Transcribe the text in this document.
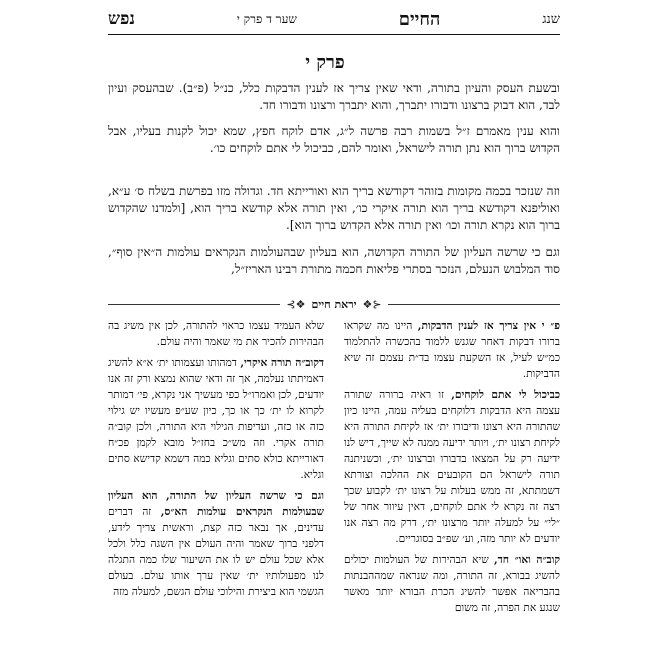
שנג
החיים
שער ד פרק י
נפש
פרק י
ובשעת העסק והעיון בתורה, ודאי שאין צריך אז לענין הדבקות כלל, כנ״ל (פ״ב). שבהעסק ועיון לבד, הוא דבוק ברצונו ודבורו יתברך, והוא יתברך ורצונו ודבורו חד.
והוא ענין מאמרם ז״ל בשמות רבה פרשה ל״ג, אדם לוקח חפץ, שמא יכול לקנות בעליו, אבל הקדוש ברוך הוא נתן תורה לישראל, ואומר להם, כביכול לי אתם לוקחים כו׳.
וזה שנזכר בכמה מקומות בזוהר דקודשא בריך הוא ואורייתא חד. וגדולה מזו בפרשת בשלח ס׳ ע״א, ואוליפנא דקודשא בריך הוא תורה איקרי כו׳, ואין תורה אלא קודשא בריך הוא, [ולמדנו שהקדוש ברוך הוא נקרא תורה וכו׳ ואין תורה אלא הקדוש ברוך הוא].
וגם כי שרשה העליון של התורה הקדושה, הוא בעליון שבהעולמות הנקראים עולמות ה״אין סוף״, סוד המלבוש הנעלם, הנזכר בסתרי פליאות חכמה מתורת רבינו האריז״ל,
⊰❖
יראת חיים
❖⊱

פ״ י אין צריך אז לענין הדבקות, היינו מה שקראו ברורו דבקות דאחר שגנש ללמוד בהכשרה להתלמוד כמ״ש לעיל, אז השקעת עצמו בד״ת עצמם זה שיא הדביקות.

כביכול לי אתם לוקחים, זו ראיה ברורה שתורה עצמה היא הדבקות דלוקחים בעליה עמה, היינו כיון שהתורה היא רצונו ודיבורו ית׳ אז לקיחת התורה היא לקיחת רצונו ית׳, ויותר ידיעה ממנה לא שייך, דיש לנו ידיעה רק על המצאו בדבורו וברצונו ית׳, וכשניתנה תורה לישראל הם הקובעים את ההלכה וצורתא דשמתתא, זה ממש בעלות על רצונו ית׳ לקבוע שכך רצה זה נקרא לי אתם לוקחים, דאין עיוור אחר של ״לי״ על למעלה יותר מרצונו ית׳, דרק מה רצה אנו יודעים לא יותר מזה, וע׳ שפ״ב בסוגריים.

קוב״ה ואו״ חד, שיא הבהירות של העולמות יכולים להשיג בבורא, זה התורה, ומה שנראה שמההבנתות בהבריאה אפשר להשיג הכרת הבורא יותר מאשר שנגע את הפרה, זה משום

שלא העמיד עצמו כראוי להתורה, לכן אין משיג בה הבהירות להכיר את מי שאמר והיה עולם.

דקוב״ה תורה איקרי, דמהותו ועצמותו ית׳ א״א להשיג דאמיתתו נעלמה, אך זה ודאי שהוא נמצא ורק זה אנו יודעים, לכן ואמרו״ל כפי מעשיך אני נקרא, פי׳ דמותר לקרוא לו ית׳ כך או כך, כיון שע״פ מעשיו יש גילוי כזה או כזה, ועדיפות הגילוי היא התורה, ולכן קוב״ה תורה אקרי. וזה מש״כ בחז״ל מובא לקמן פכ״ח דאורייתא כולא סתים וגליא כמה דשמא קדישא סתים וגליא.

וגם כי שרשה העליון של התורה, הוא העליון שבעולמות הנקראים עולמות הא״ס, זה דברים עדינים, אך נבאר כזה קצת, וראשית צריך לידע, דלפני ברוך שאמר והיה העולם אין השגה כלל ולכל אלא שכל עולם יש לו את השיעור שלו כמה התגלה לנו מפעולותיו ית׳ שאין ערך אותו עולם. בעולם הגשמי הוא ביצירת והילוכי עולם הגשם, למעלה מזה
